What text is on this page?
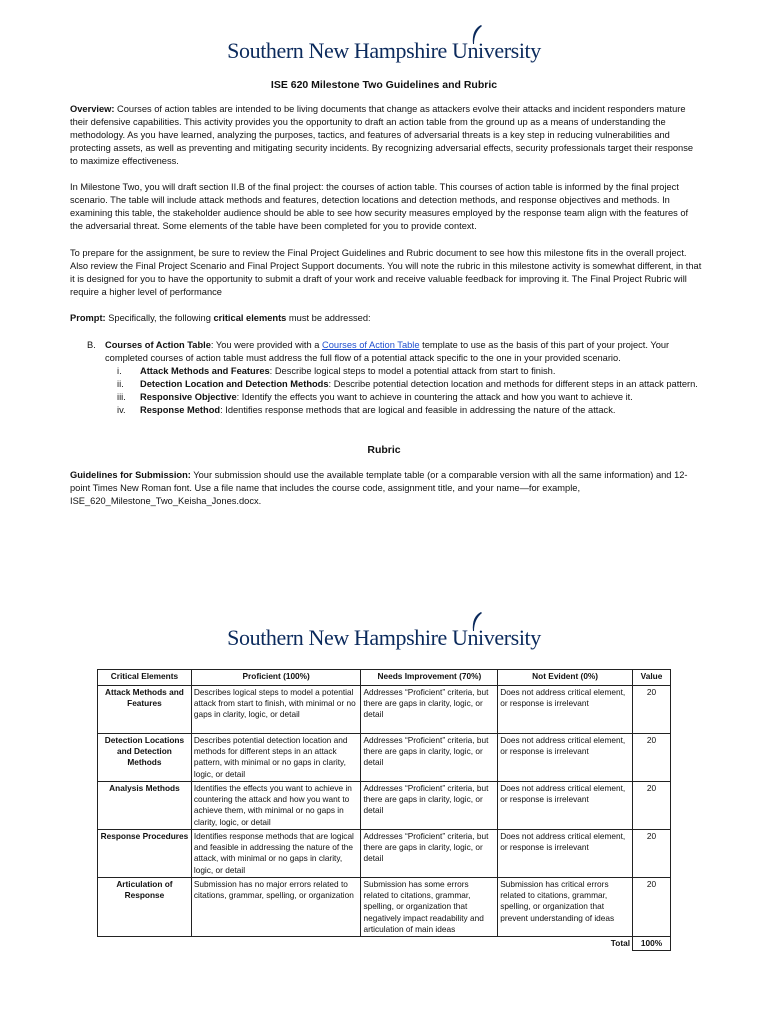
Southern New Hampshire University
ISE 620 Milestone Two Guidelines and Rubric
Overview: Courses of action tables are intended to be living documents that change as attackers evolve their attacks and incident responders mature their defensive capabilities. This activity provides you the opportunity to draft an action table from the ground up as a means of understanding the methodology. As you have learned, analyzing the purposes, tactics, and features of adversarial threats is a key step in reducing vulnerabilities and protecting assets, as well as preventing and mitigating security incidents. By recognizing adversarial effects, security professionals target their response to maximize effectiveness.
In Milestone Two, you will draft section II.B of the final project: the courses of action table. This courses of action table is informed by the final project scenario. The table will include attack methods and features, detection locations and detection methods, and response objectives and methods. In examining this table, the stakeholder audience should be able to see how security measures employed by the response team align with the features of the adversarial threat. Some elements of the table have been completed for you to provide context.
To prepare for the assignment, be sure to review the Final Project Guidelines and Rubric document to see how this milestone fits in the overall project. Also review the Final Project Scenario and Final Project Support documents. You will note the rubric in this milestone activity is somewhat different, in that it is designed for you to have the opportunity to submit a draft of your work and receive valuable feedback for improving it. The Final Project Rubric will require a higher level of performance
Prompt: Specifically, the following critical elements must be addressed:
B. Courses of Action Table: You were provided with a Courses of Action Table template to use as the basis of this part of your project. Your completed courses of action table must address the full flow of a potential attack specific to the one in your provided scenario.
i. Attack Methods and Features: Describe logical steps to model a potential attack from start to finish.
ii. Detection Location and Detection Methods: Describe potential detection location and methods for different steps in an attack pattern.
iii. Responsive Objective: Identify the effects you want to achieve in countering the attack and how you want to achieve it.
iv. Response Method: Identifies response methods that are logical and feasible in addressing the nature of the attack.
Rubric
Guidelines for Submission: Your submission should use the available template table (or a comparable version with all the same information) and 12-point Times New Roman font. Use a file name that includes the course code, assignment title, and your name—for example, ISE_620_Milestone_Two_Keisha_Jones.docx.
Southern New Hampshire University
Critical Elements	Proficient (100%)	Needs Improvement (70%)	Not Evident (0%)	Value
Attack Methods and Features	Describes logical steps to model a potential attack from start to finish, with minimal or no gaps in clarity, logic, or detail	Addresses “Proficient” criteria, but there are gaps in clarity, logic, or detail	Does not address critical element, or response is irrelevant	20
Detection Locations and Detection Methods	Describes potential detection location and methods for different steps in an attack pattern, with minimal or no gaps in clarity, logic, or detail	Addresses “Proficient” criteria, but there are gaps in clarity, logic, or detail	Does not address critical element, or response is irrelevant	20
Analysis Methods	Identifies the effects you want to achieve in countering the attack and how you want to achieve them, with minimal or no gaps in clarity, logic, or detail	Addresses “Proficient” criteria, but there are gaps in clarity, logic, or detail	Does not address critical element, or response is irrelevant	20
Response Procedures	Identifies response methods that are logical and feasible in addressing the nature of the attack, with minimal or no gaps in clarity, logic, or detail	Addresses “Proficient” criteria, but there are gaps in clarity, logic, or detail	Does not address critical element, or response is irrelevant	20
Articulation of Response	Submission has no major errors related to citations, grammar, spelling, or organization	Submission has some errors related to citations, grammar, spelling, or organization that negatively impact readability and articulation of main ideas	Submission has critical errors related to citations, grammar, spelling, or organization that prevent understanding of ideas	20
			Total	100%
